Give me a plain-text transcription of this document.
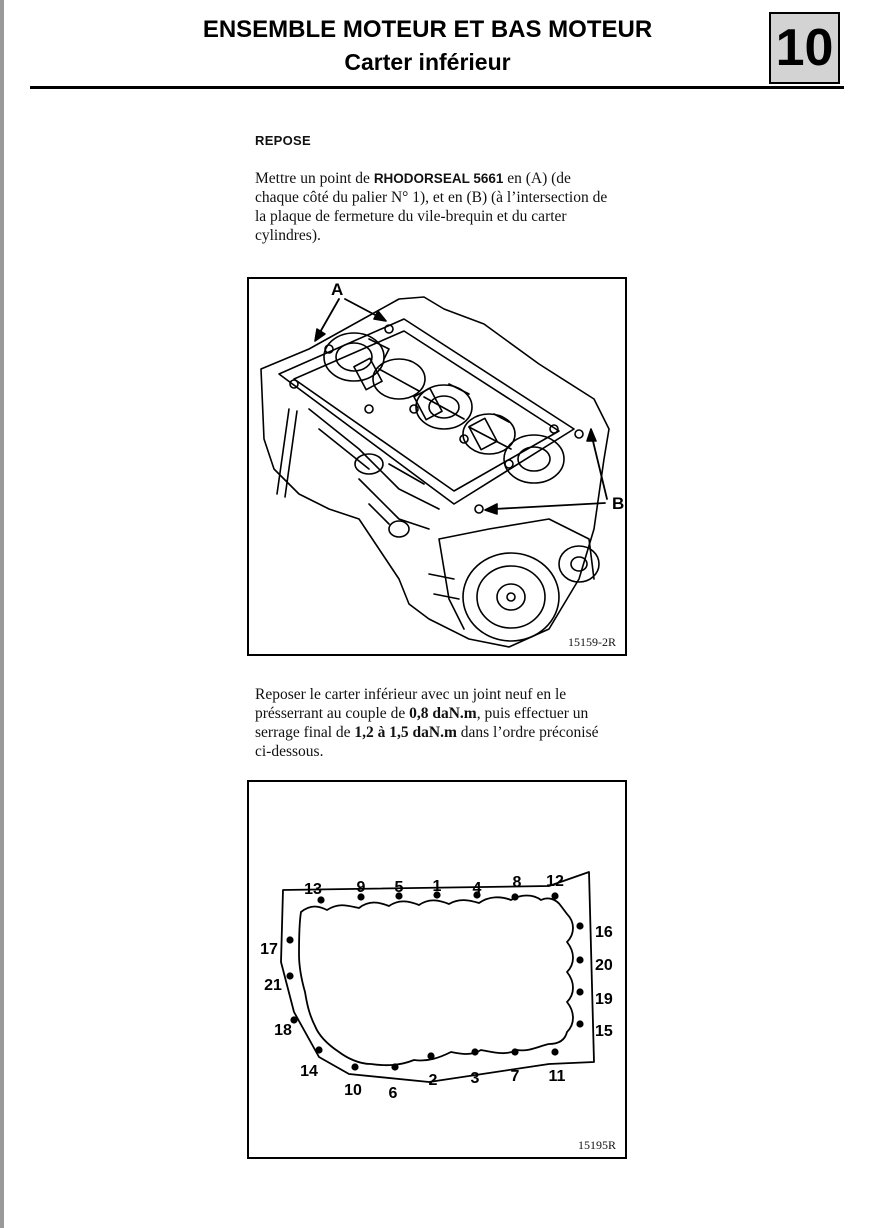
ENSEMBLE MOTEUR ET BAS MOTEUR
Carter inférieur	10
REPOSE
Mettre un point de RHODORSEAL 5661 en (A) (de chaque côté du palier N° 1), et en (B) (à l’intersection de la plaque de fermeture du vile-brequin et du carter cylindres).
A
B
15159-2R
Reposer le carter inférieur avec un joint neuf en le présserrant au couple de 0,8 daN.m, puis effectuer un serrage final de 1,2 à 1,5 daN.m dans l’ordre préconisé ci-dessous.
13 9 5 1 4 8 12
16
20
19
15
11
7
3
2
6
10
14
18
21
17
15195R
